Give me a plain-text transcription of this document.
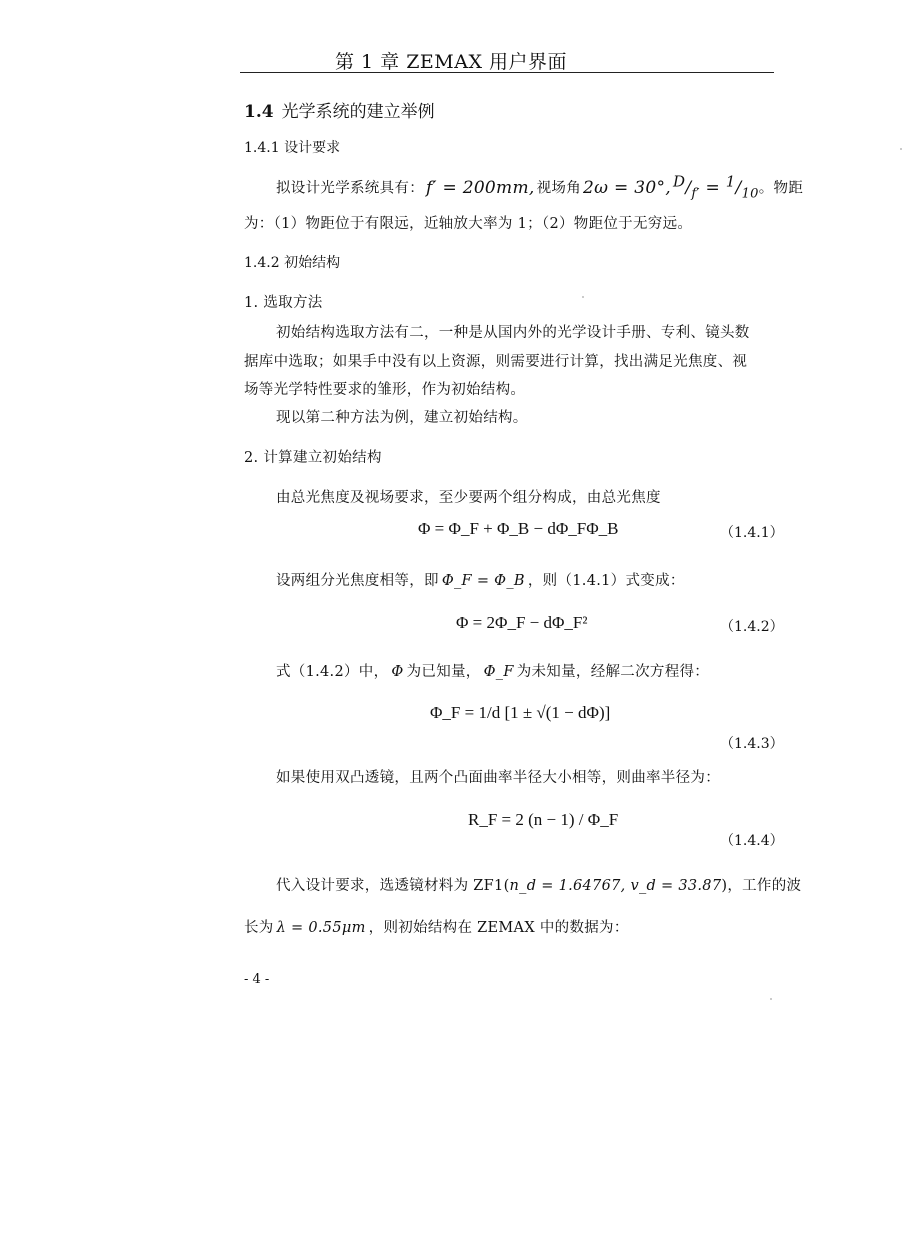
第 1 章 ZEMAX 用户界面
1.4 光学系统的建立举例
1.4.1 设计要求
拟设计光学系统具有： f′ = 200mm, 视场角 2ω = 30°, $^D/_{f'} = ^1/_{10}$。物距
为：（1）物距位于有限远，近轴放大率为 1；（2）物距位于无穷远。
1.4.2 初始结构
1. 选取方法
初始结构选取方法有二，一种是从国内外的光学设计手册、专利、镜头数
据库中选取；如果手中没有以上资源，则需要进行计算，找出满足光焦度、视
场等光学特性要求的雏形，作为初始结构。
现以第二种方法为例，建立初始结构。
2. 计算建立初始结构
由总光焦度及视场要求，至少要两个组分构成，由总光焦度
Φ = Φ_F + Φ_B − dΦ_FΦ_B	（1.4.1）
设两组分光焦度相等，即 Φ_F = Φ_B ，则（1.4.1）式变成：
Φ = 2Φ_F − dΦ_F²	（1.4.2）
式（1.4.2）中， Φ 为已知量， Φ_F 为未知量，经解二次方程得：
Φ_F = 1/d [1 ± √(1 − dΦ)]
（1.4.3）
如果使用双凸透镜，且两个凸面曲率半径大小相等，则曲率半径为：
R_F = 2 (n − 1) / Φ_F
（1.4.4）
代入设计要求，选透镜材料为 ZF1(n_d = 1.64767, v_d = 33.87)，工作的波
长为 λ = 0.55μm ，则初始结构在 ZEMAX 中的数据为：
- 4 -
